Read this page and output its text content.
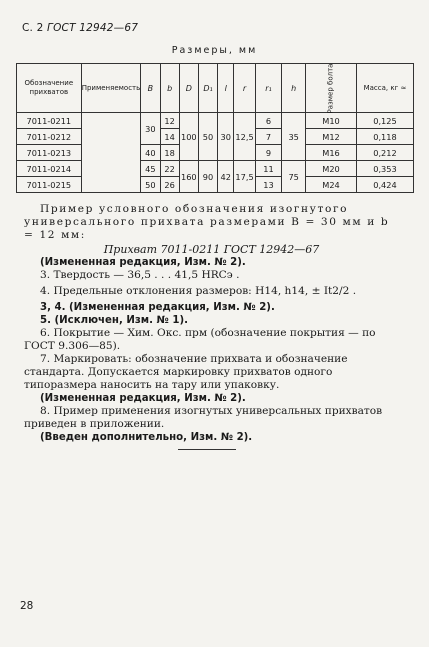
С. 2 ГОСТ 12942—67
Размеры, мм
Обозначение прихватов	Применяемость	B	b	D	D₁	l	r	r₁	h	Размер болта	Масса, кг ≈
7011-0211		30	12	100	50	30	12,5	6	35	М10	0,125
7011-0212			14					7		М12	0,118
7011-0213		40	18					9		М16	0,212
7011-0214		45	22	160	90	42	17,5	11	75	М20	0,353
7011-0215		50	26					13		М24	0,424

Пример условного обозначения изогнутого универсального прихвата размерами B = 30 мм и b = 12 мм:

Прихват 7011-0211 ГОСТ 12942—67

(Измененная редакция, Изм. № 2).

3. Твердость — 36,5 . . . 41,5 HRCэ .

4. Предельные отклонения размеров: H14, h14, ± It2/2 .

3, 4. (Измененная редакция, Изм. № 2).

5. (Исключен, Изм. № 1).

6. Покрытие — Хим. Окс. прм (обозначение покрытия — по ГОСТ 9.306—85).

7. Маркировать: обозначение прихвата и обозначение стандарта. Допускается маркировку прихватов одного типоразмера наносить на тару или упаковку.

(Измененная редакция, Изм. № 2).

8. Пример применения изогнутых универсальных прихватов приведен в приложении.

(Введен дополнительно, Изм. № 2).

28
